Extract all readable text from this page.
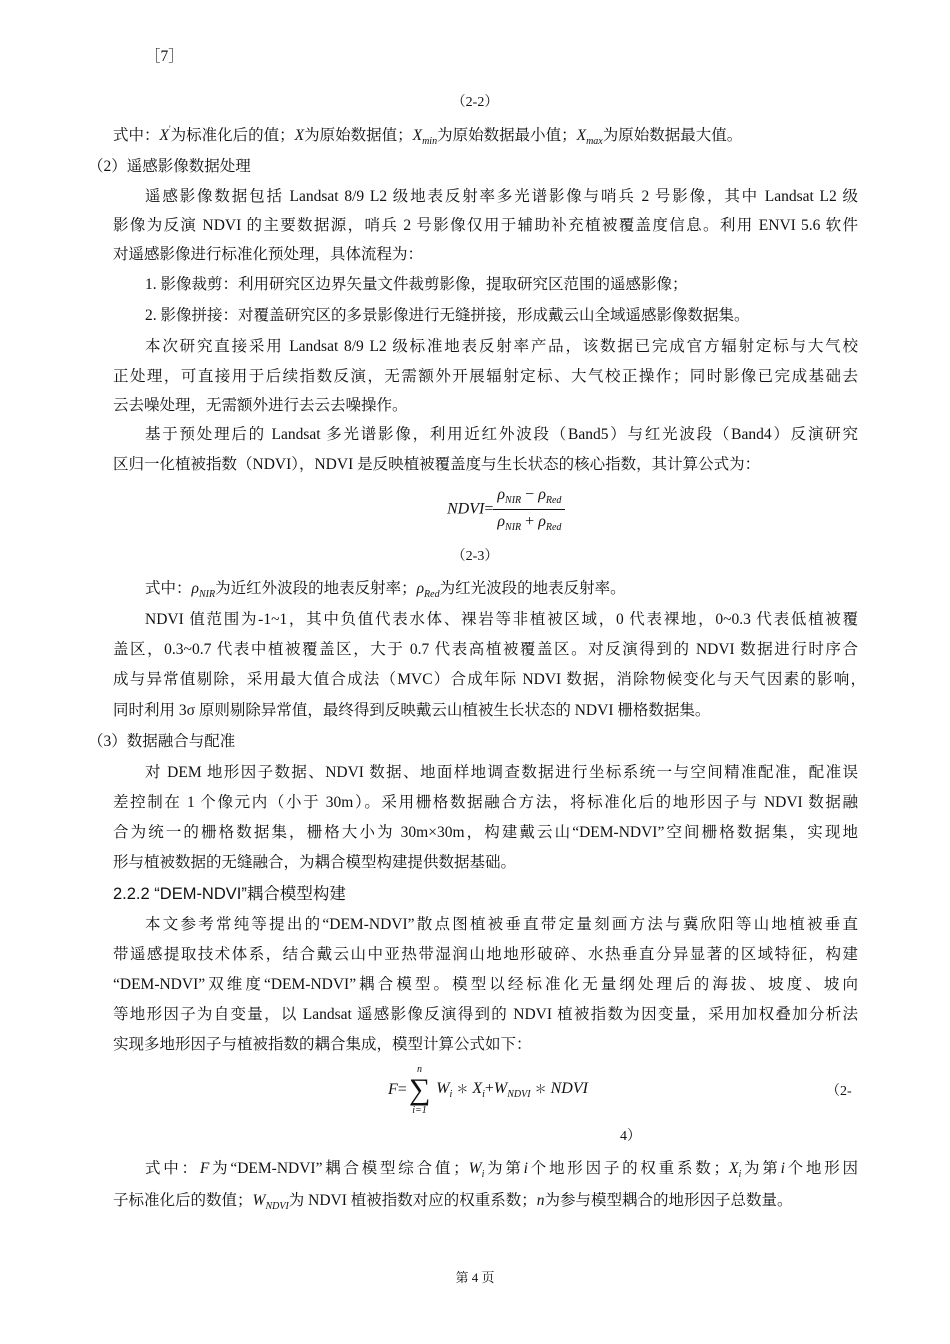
［7］
（2-2）
式中：X'为标准化后的值；X为原始数据值；$X_{min}$为原始数据最小值；$X_{max}$为原始数据最大值。
（2）遥感影像数据处理
遥感影像数据包括 Landsat 8/9 L2 级地表反射率多光谱影像与哨兵 2 号影像，其中 Landsat L2 级
影像为反演 NDVI 的主要数据源，哨兵 2 号影像仅用于辅助补充植被覆盖度信息。利用 ENVI 5.6 软件
对遥感影像进行标准化预处理，具体流程为：
1. 影像裁剪：利用研究区边界矢量文件裁剪影像，提取研究区范围的遥感影像；
2. 影像拼接：对覆盖研究区的多景影像进行无缝拼接，形成戴云山全域遥感影像数据集。
本次研究直接采用 Landsat 8/9 L2 级标准地表反射率产品，该数据已完成官方辐射定标与大气校
正处理，可直接用于后续指数反演，无需额外开展辐射定标、大气校正操作；同时影像已完成基础去
云去噪处理，无需额外进行去云去噪操作。
基于预处理后的 Landsat 多光谱影像，利用近红外波段（Band5）与红光波段（Band4）反演研究
区归一化植被指数（NDVI），NDVI 是反映植被覆盖度与生长状态的核心指数，其计算公式为：
NDVI= $\frac{\rho_{NIR} - \rho_{Red}}{\rho_{NIR} + \rho_{Red}}$
（2-3）
式中：$\rho_{NIR}$为近红外波段的地表反射率；$\rho_{Red}$为红光波段的地表反射率。
NDVI 值范围为-1~1，其中负值代表水体、裸岩等非植被区域，0 代表裸地，0~0.3 代表低植被覆
盖区，0.3~0.7 代表中植被覆盖区，大于 0.7 代表高植被覆盖区。对反演得到的 NDVI 数据进行时序合
成与异常值剔除，采用最大值合成法（MVC）合成年际 NDVI 数据，消除物候变化与天气因素的影响，
同时利用 3σ 原则剔除异常值，最终得到反映戴云山植被生长状态的 NDVI 栅格数据集。
（3）数据融合与配准
对 DEM 地形因子数据、NDVI 数据、地面样地调查数据进行坐标系统一与空间精准配准，配准误
差控制在 1 个像元内（小于 30m）。采用栅格数据融合方法，将标准化后的地形因子与 NDVI 数据融
合为统一的栅格数据集，栅格大小为 30m×30m，构建戴云山“DEM-NDVI”空间栅格数据集，实现地
形与植被数据的无缝融合，为耦合模型构建提供数据基础。
2.2.2 “DEM-NDVI”耦合模型构建
本文参考常纯等提出的“DEM-NDVI”散点图植被垂直带定量刻画方法与冀欣阳等山地植被垂直
带遥感提取技术体系，结合戴云山中亚热带湿润山地地形破碎、水热垂直分异显著的区域特征，构建
“DEM-NDVI”双维度“DEM-NDVI”耦合模型。模型以经标准化无量纲处理后的海拔、坡度、坡向
等地形因子为自变量，以 Landsat 遥感影像反演得到的 NDVI 植被指数为因变量，采用加权叠加分析法
实现多地形因子与植被指数的耦合集成，模型计算公式如下：
F=
n
∑
i=1
$W_i$ ＊ $X_i+W_{NDVI}$ ＊ NDVI	（2-
4）
式中：F为“DEM-NDVI”耦合模型综合值；$W_i$为第i个地形因子的权重系数；$X_i$为第i个地形因
子标准化后的数值；$W_{NDVI}$为 NDVI 植被指数对应的权重系数；n为参与模型耦合的地形因子总数量。
第 4 页
